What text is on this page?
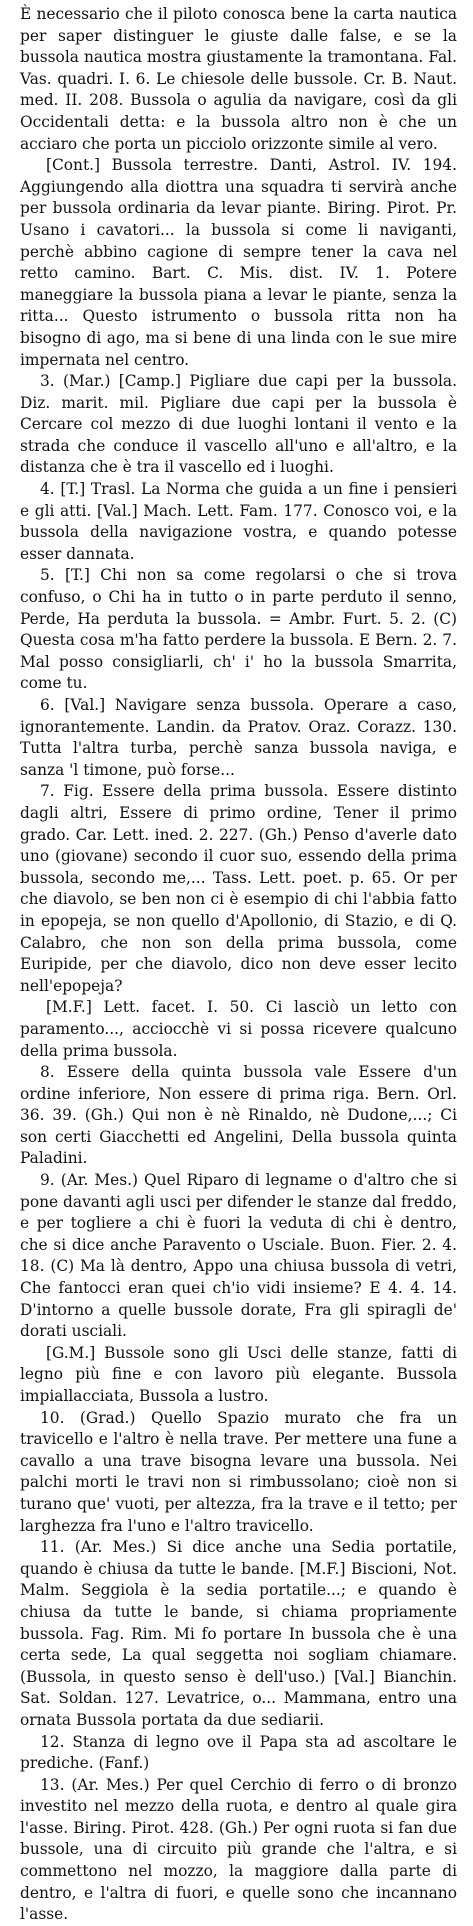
È necessario che il piloto conosca bene la carta nautica per saper distinguer le giuste dalle false, e se la bussola nautica mostra giustamente la tramontana. Fal. Vas. quadri. I. 6. Le chiesole delle bussole. Cr. B. Naut. med. II. 208. Bussola o agulia da navigare, così da gli Occidentali detta: e la bussola altro non è che un acciaro che porta un picciolo orizzonte simile al vero.

[Cont.] Bussola terrestre. Danti, Astrol. IV. 194. Aggiungendo alla diottra una squadra ti servirà anche per bussola ordinaria da levar piante. Biring. Pirot. Pr. Usano i cavatori... la bussola si come li naviganti, perchè abbino cagione di sempre tener la cava nel retto camino. Bart. C. Mis. dist. IV. 1. Potere maneggiare la bussola piana a levar le piante, senza la ritta... Questo istrumento o bussola ritta non ha bisogno di ago, ma si bene di una linda con le sue mire impernata nel centro.

3. (Mar.) [Camp.] Pigliare due capi per la bussola. Diz. marit. mil. Pigliare due capi per la bussola è Cercare col mezzo di due luoghi lontani il vento e la strada che conduce il vascello all'uno e all'altro, e la distanza che è tra il vascello ed i luoghi.

4. [T.] Trasl. La Norma che guida a un fine i pensieri e gli atti. [Val.] Mach. Lett. Fam. 177. Conosco voi, e la bussola della navigazione vostra, e quando potesse esser dannata.

5. [T.] Chi non sa come regolarsi o che si trova confuso, o Chi ha in tutto o in parte perduto il senno, Perde, Ha perduta la bussola. = Ambr. Furt. 5. 2. (C) Questa cosa m'ha fatto perdere la bussola. E Bern. 2. 7. Mal posso consigliarli, ch' i' ho la bussola Smarrita, come tu.

6. [Val.] Navigare senza bussola. Operare a caso, ignorantemente. Landin. da Pratov. Oraz. Corazz. 130. Tutta l'altra turba, perchè sanza bussola naviga, e sanza 'l timone, può forse...

7. Fig. Essere della prima bussola. Essere distinto dagli altri, Essere di primo ordine, Tener il primo grado. Car. Lett. ined. 2. 227. (Gh.) Penso d'averle dato uno (giovane) secondo il cuor suo, essendo della prima bussola, secondo me,... Tass. Lett. poet. p. 65. Or per che diavolo, se ben non ci è esempio di chi l'abbia fatto in epopeja, se non quello d'Apollonio, di Stazio, e di Q. Calabro, che non son della prima bussola, come Euripide, per che diavolo, dico non deve esser lecito nell'epopeja?

[M.F.] Lett. facet. I. 50. Ci lasciò un letto con paramento..., acciocchè vi si possa ricevere qualcuno della prima bussola.

8. Essere della quinta bussola vale Essere d'un ordine inferiore, Non essere di prima riga. Bern. Orl. 36. 39. (Gh.) Qui non è nè Rinaldo, nè Dudone,...; Ci son certi Giacchetti ed Angelini, Della bussola quinta Paladini.

9. (Ar. Mes.) Quel Riparo di legname o d'altro che si pone davanti agli usci per difender le stanze dal freddo, e per togliere a chi è fuori la veduta di chi è dentro, che si dice anche Paravento o Usciale. Buon. Fier. 2. 4. 18. (C) Ma là dentro, Appo una chiusa bussola di vetri, Che fantocci eran quei ch'io vidi insieme? E 4. 4. 14. D'intorno a quelle bussole dorate, Fra gli spiragli de' dorati usciali.

[G.M.] Bussole sono gli Usci delle stanze, fatti di legno più fine e con lavoro più elegante. Bussola impiallacciata, Bussola a lustro.

10. (Grad.) Quello Spazio murato che fra un travicello e l'altro è nella trave. Per mettere una fune a cavallo a una trave bisogna levare una bussola. Nei palchi morti le travi non si rimbussolano; cioè non si turano que' vuoti, per altezza, fra la trave e il tetto; per larghezza fra l'uno e l'altro travicello.

11. (Ar. Mes.) Si dice anche una Sedia portatile, quando è chiusa da tutte le bande. [M.F.] Biscioni, Not. Malm. Seggiola è la sedia portatile...; e quando è chiusa da tutte le bande, si chiama propriamente bussola. Fag. Rim. Mi fo portare In bussola che è una certa sede, La qual seggetta noi sogliam chiamare. (Bussola, in questo senso è dell'uso.) [Val.] Bianchin. Sat. Soldan. 127. Levatrice, o... Mammana, entro una ornata Bussola portata da due sediarii.

12. Stanza di legno ove il Papa sta ad ascoltare le prediche. (Fanf.)

13. (Ar. Mes.) Per quel Cerchio di ferro o di bronzo investito nel mezzo della ruota, e dentro al quale gira l'asse. Biring. Pirot. 428. (Gh.) Per ogni ruota si fan due bussole, una di circuito più grande che l'altra, e si commettono nel mozzo, la maggiore dalla parte di dentro, e l'altra di fuori, e quelle sono che incannano l'asse.
